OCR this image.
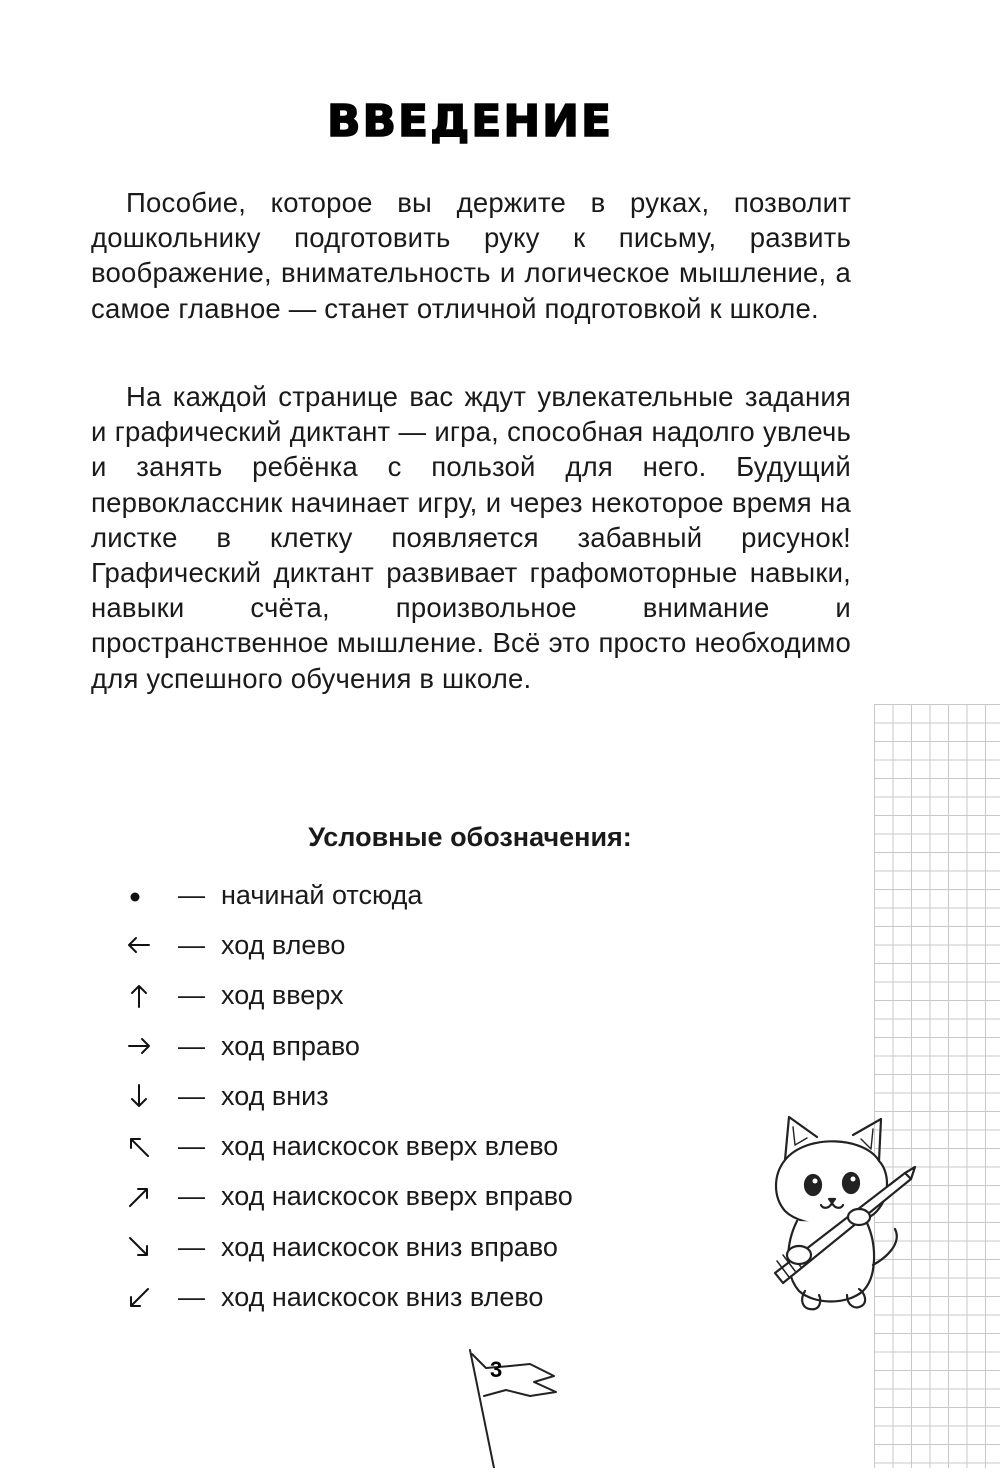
ВВЕДЕНИЕ

Пособие, которое вы держите в руках, позволит дошкольнику подготовить руку к письму, развить воображение, внимательность и логическое мышление, а самое главное — станет отличной подготовкой к школе.

На каждой странице вас ждут увлекательные задания и графический диктант — игра, способная надолго увлечь и занять ребёнка с пользой для него. Будущий первоклассник начинает игру, и через некоторое время на листке в клетку появляется забавный рисунок! Графический диктант развивает графомоторные навыки, навыки счёта, произвольное внимание и пространственное мышление. Всё это просто необходимо для успешного обучения в школе.

Условные обозначения:
— начинай отсюда
— ход влево
— ход вверх
— ход вправо
— ход вниз
— ход наискосок вверх влево
— ход наискосок вверх вправо
— ход наискосок вниз вправо
— ход наискосок вниз влево
3
